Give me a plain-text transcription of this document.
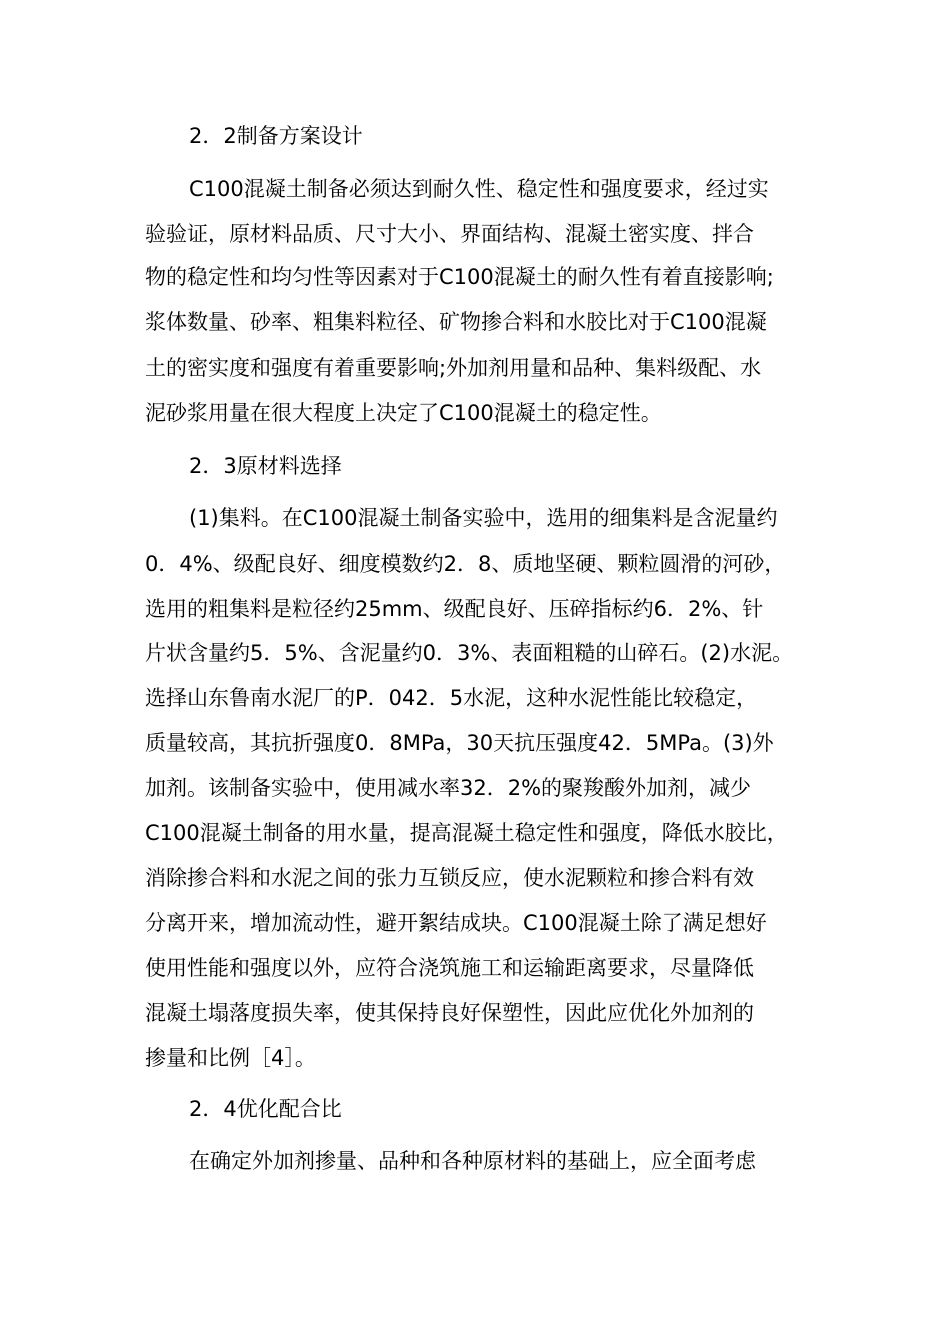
2．2制备方案设计
C100混凝土制备必须达到耐久性、稳定性和强度要求，经过实
验验证，原材料品质、尺寸大小、界面结构、混凝土密实度、拌合
物的稳定性和均匀性等因素对于C100混凝土的耐久性有着直接影响;
浆体数量、砂率、粗集料粒径、矿物掺合料和水胶比对于C100混凝
土的密实度和强度有着重要影响;外加剂用量和品种、集料级配、水
泥砂浆用量在很大程度上决定了C100混凝土的稳定性。
2．3原材料选择
(1)集料。在C100混凝土制备实验中，选用的细集料是含泥量约
0．4%、级配良好、细度模数约2．8、质地坚硬、颗粒圆滑的河砂，
选用的粗集料是粒径约25mm、级配良好、压碎指标约6．2%、针
片状含量约5．5%、含泥量约0．3%、表面粗糙的山碎石。(2)水泥。
选择山东鲁南水泥厂的P．042．5水泥，这种水泥性能比较稳定，
质量较高，其抗折强度0．8MPa，30天抗压强度42．5MPa。(3)外
加剂。该制备实验中，使用减水率32．2%的聚羧酸外加剂，减少
C100混凝土制备的用水量，提高混凝土稳定性和强度，降低水胶比，
消除掺合料和水泥之间的张力互锁反应，使水泥颗粒和掺合料有效
分离开来，增加流动性，避开絮结成块。C100混凝土除了满足想好
使用性能和强度以外，应符合浇筑施工和运输距离要求，尽量降低
混凝土塌落度损失率，使其保持良好保塑性，因此应优化外加剂的
掺量和比例［4］。
2．4优化配合比
在确定外加剂掺量、品种和各种原材料的基础上，应全面考虑
